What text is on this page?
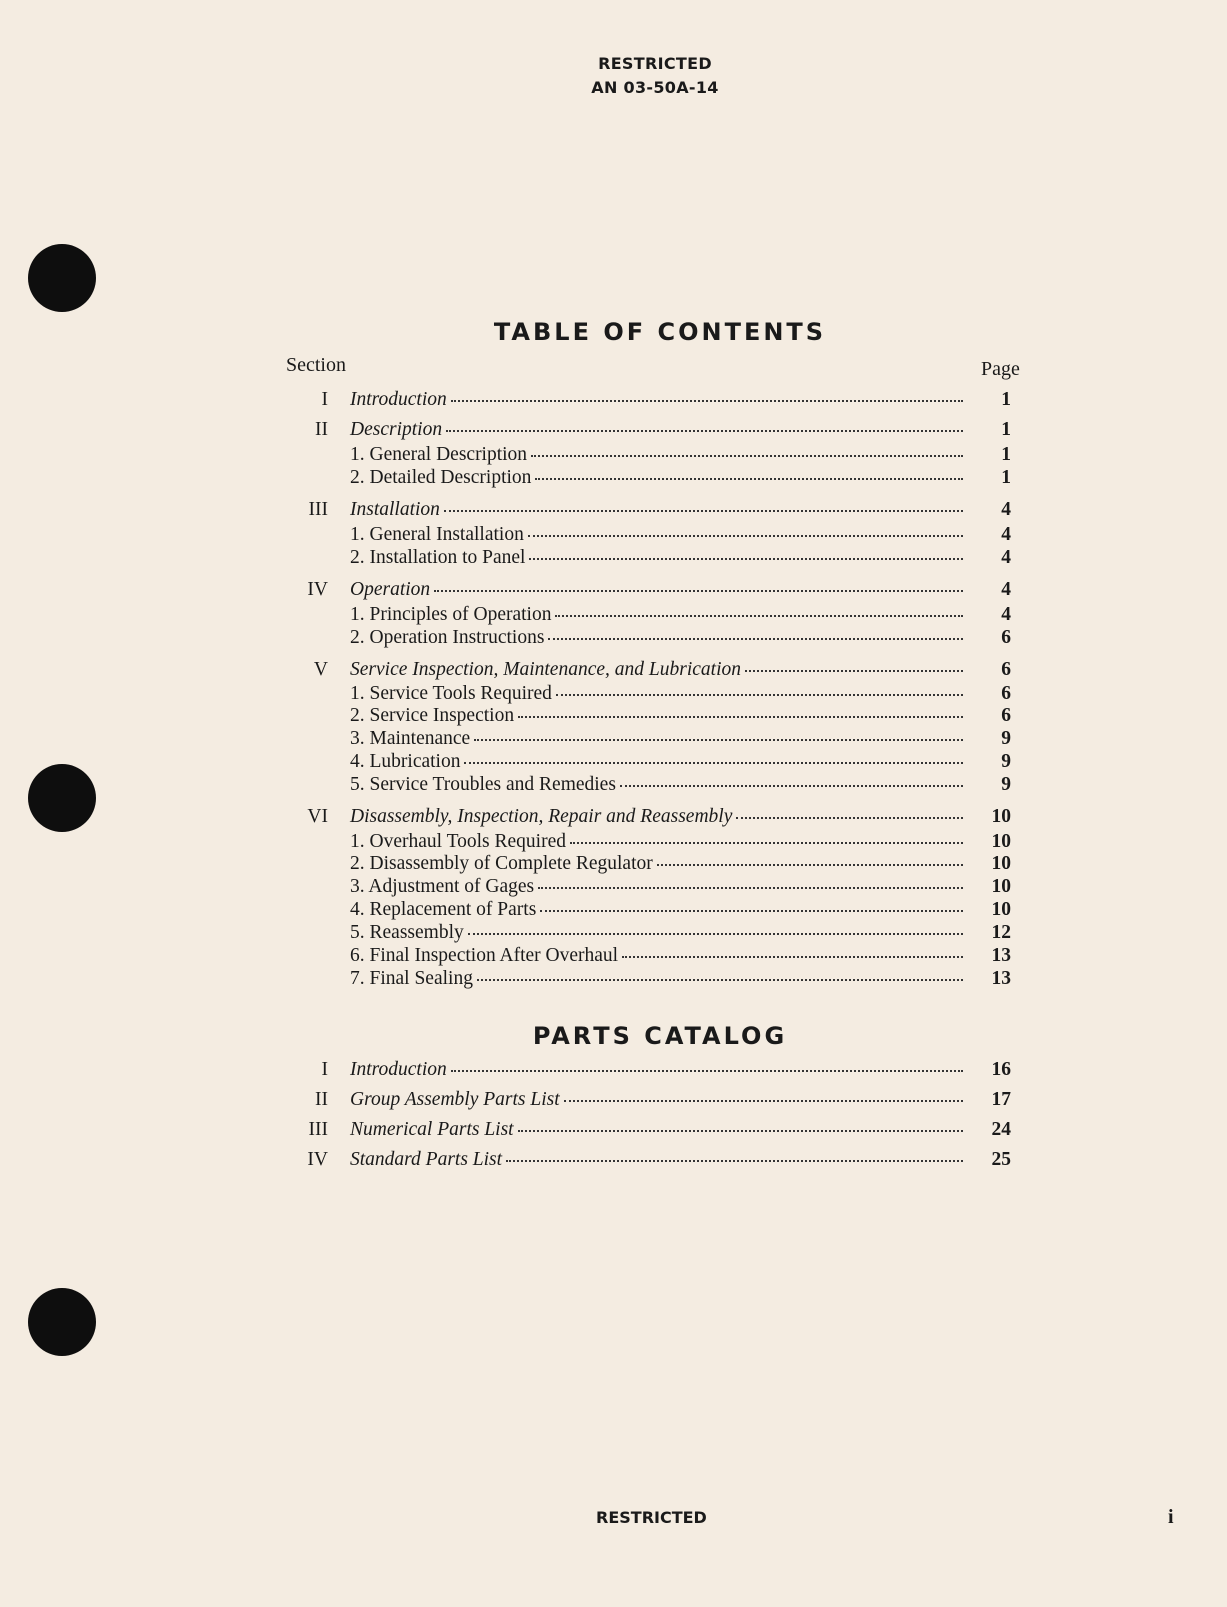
RESTRICTED
AN 03-50A-14
TABLE OF CONTENTS
Section	Page
I Introduction	1
II Description	1
1. General Description	1
2. Detailed Description	1
III Installation	4
1. General Installation	4
2. Installation to Panel	4
IV Operation	4
1. Principles of Operation	4
2. Operation Instructions	6
V Service Inspection, Maintenance, and Lubrication	6
1. Service Tools Required	6
2. Service Inspection	6
3. Maintenance	9
4. Lubrication	9
5. Service Troubles and Remedies	9
VI Disassembly, Inspection, Repair and Reassembly	10
1. Overhaul Tools Required	10
2. Disassembly of Complete Regulator	10
3. Adjustment of Gages	10
4. Replacement of Parts	10
5. Reassembly	12
6. Final Inspection After Overhaul	13
7. Final Sealing	13
PARTS CATALOG
I Introduction	16
II Group Assembly Parts List	17
III Numerical Parts List	24
IV Standard Parts List	25
RESTRICTED	i
